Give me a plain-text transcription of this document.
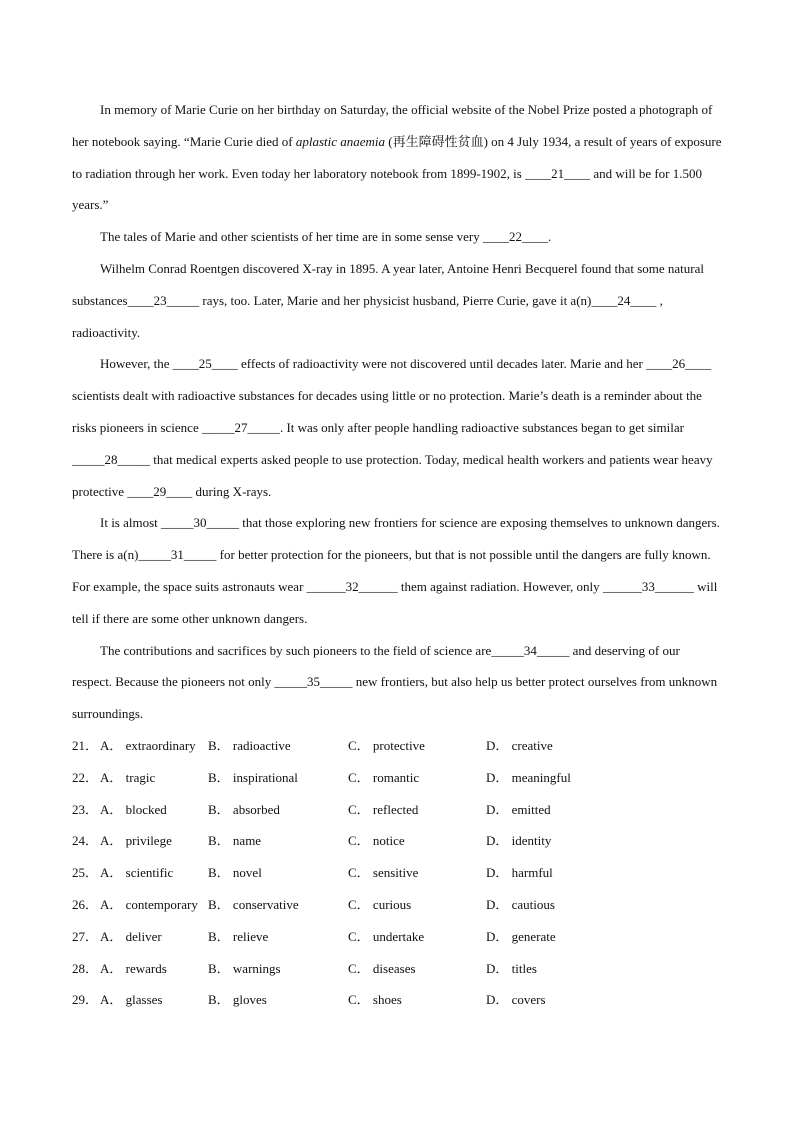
In memory of Marie Curie on her birthday on Saturday, the official website of the Nobel Prize posted a photograph of her notebook saying. “Marie Curie died of aplastic anaemia (再生障碍性贫血) on 4 July 1934, a result of years of exposure to radiation through her work. Even today her laboratory notebook from 1899-1902, is ____21____ and will be for 1.500 years.”

The tales of Marie and other scientists of her time are in some sense very ____22____.

Wilhelm Conrad Roentgen discovered X-ray in 1895. A year later, Antoine Henri Becquerel found that some natural substances____23_____ rays, too. Later, Marie and her physicist husband, Pierre Curie, gave it a(n)____24____ , radioactivity.

However, the ____25____ effects of radioactivity were not discovered until decades later. Marie and her ____26____ scientists dealt with radioactive substances for decades using little or no protection. Marie’s death is a reminder about the risks pioneers in science _____27_____. It was only after people handling radioactive substances began to get similar _____28_____ that medical experts asked people to use protection. Today, medical health workers and patients wear heavy protective ____29____ during X-rays.

It is almost _____30_____ that those exploring new frontiers for science are exposing themselves to unknown dangers. There is a(n)_____31_____ for better protection for the pioneers, but that is not possible until the dangers are fully known. For example, the space suits astronauts wear ______32______ them against radiation. However, only ______33______ will tell if there are some other unknown dangers.

The contributions and sacrifices by such pioneers to the field of science are_____34_____ and deserving of our respect. Because the pioneers not only _____35_____ new frontiers, but also help us better protect ourselves from unknown surroundings.

21． A． extraordinary B． radioactive	C． protective	D． creative
22． A． tragic	B． inspirational	C． romantic	D． meaningful
23． A． blocked	B． absorbed	C． reflected	D． emitted
24． A． privilege	B． name	C． notice	D． identity
25． A． scientific	B． novel	C． sensitive	D． harmful
26． A． contemporary B． conservative	C． curious	D． cautious
27． A． deliver	B． relieve	C． undertake	D． generate
28． A． rewards	B． warnings	C． diseases	D． titles
29． A． glasses	B． gloves	C． shoes	D． covers
